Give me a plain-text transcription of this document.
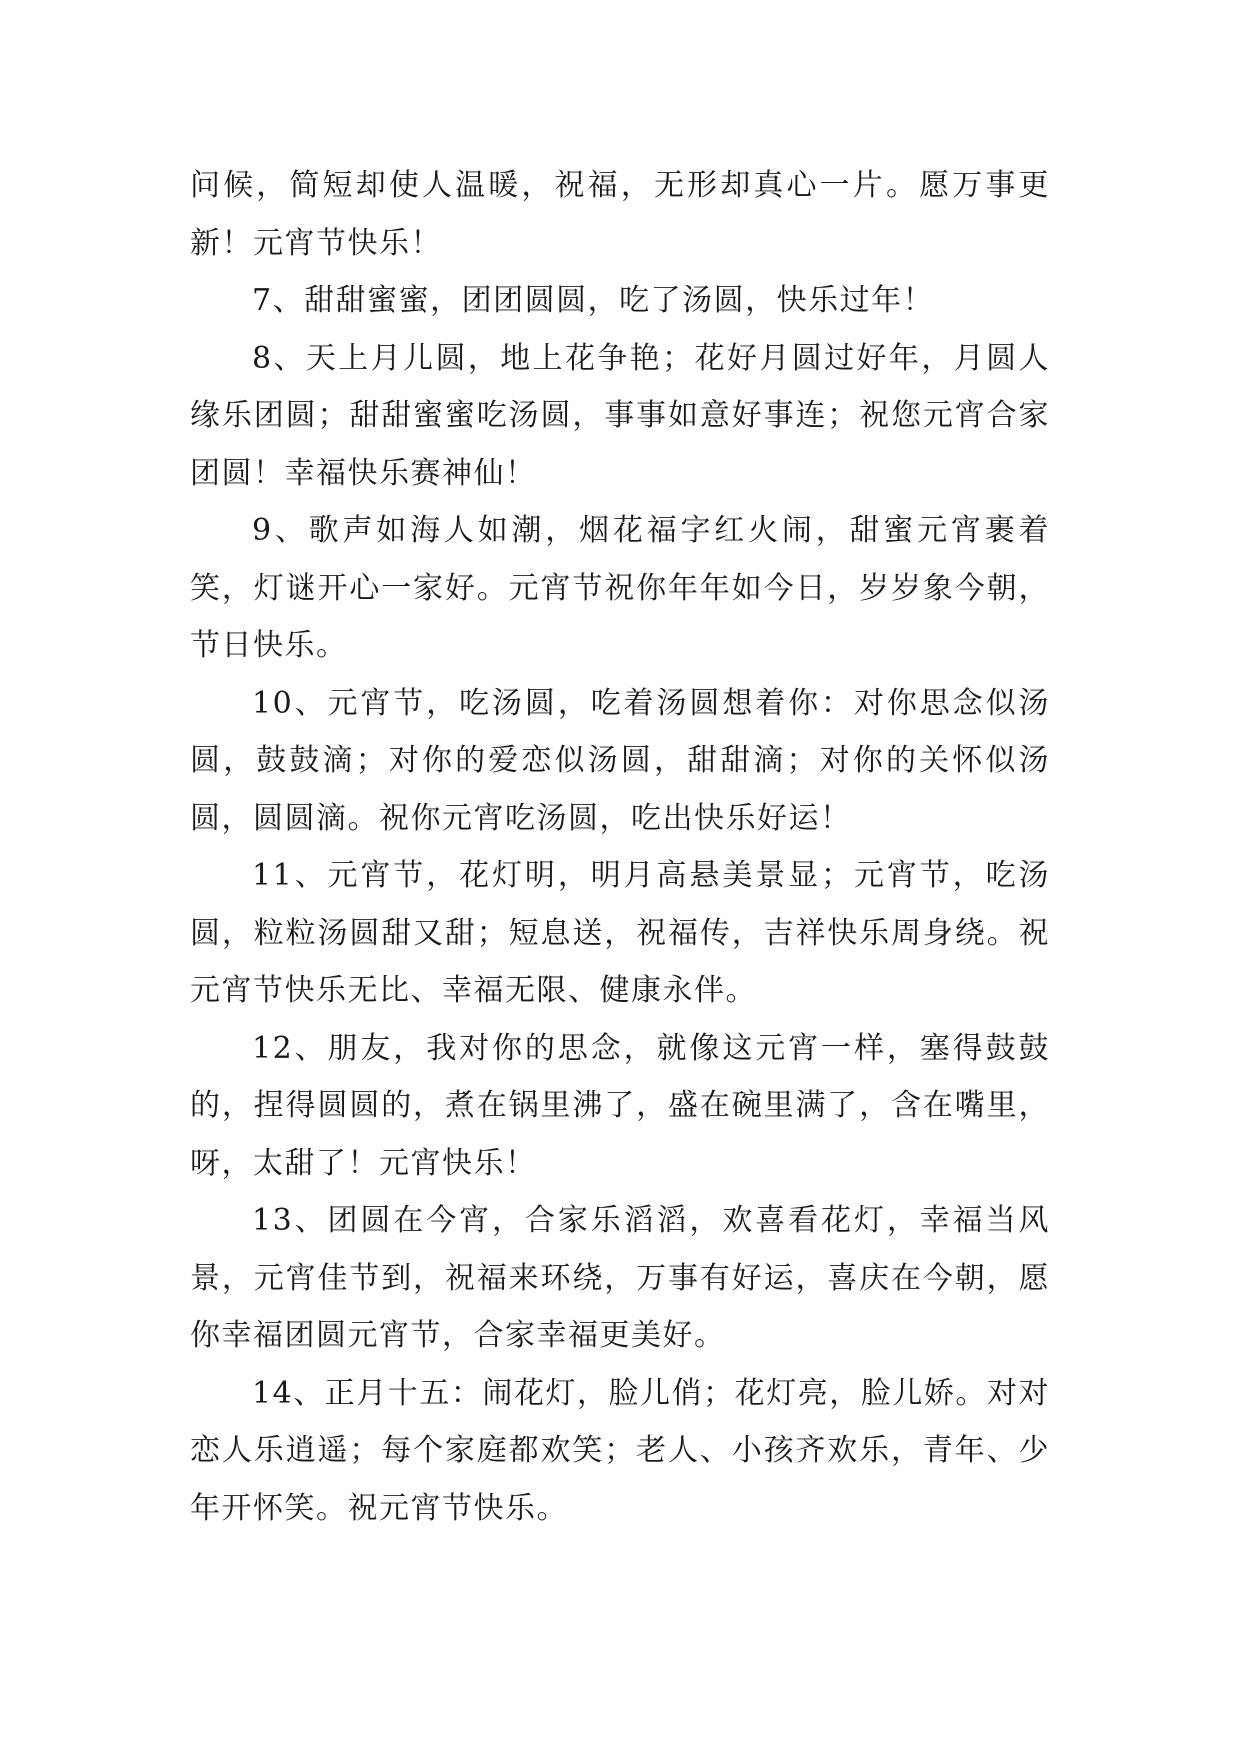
问候，简短却使人温暖，祝福，无形却真心一片。愿万事更新！元宵节快乐！

7、甜甜蜜蜜，团团圆圆，吃了汤圆，快乐过年！

8、天上月儿圆，地上花争艳；花好月圆过好年，月圆人缘乐团圆；甜甜蜜蜜吃汤圆，事事如意好事连；祝您元宵合家团圆！幸福快乐赛神仙！

9、歌声如海人如潮，烟花福字红火闹，甜蜜元宵裹着笑，灯谜开心一家好。元宵节祝你年年如今日，岁岁象今朝，节日快乐。

10、元宵节，吃汤圆，吃着汤圆想着你：对你思念似汤圆，鼓鼓滴；对你的爱恋似汤圆，甜甜滴；对你的关怀似汤圆，圆圆滴。祝你元宵吃汤圆，吃出快乐好运！

11、元宵节，花灯明，明月高悬美景显；元宵节，吃汤圆，粒粒汤圆甜又甜；短息送，祝福传，吉祥快乐周身绕。祝元宵节快乐无比、幸福无限、健康永伴。

12、朋友，我对你的思念，就像这元宵一样，塞得鼓鼓的，捏得圆圆的，煮在锅里沸了，盛在碗里满了，含在嘴里，呀，太甜了！元宵快乐！

13、团圆在今宵，合家乐滔滔，欢喜看花灯，幸福当风景，元宵佳节到，祝福来环绕，万事有好运，喜庆在今朝，愿你幸福团圆元宵节，合家幸福更美好。

14、正月十五：闹花灯，脸儿俏；花灯亮，脸儿娇。对对恋人乐逍遥；每个家庭都欢笑；老人、小孩齐欢乐，青年、少年开怀笑。祝元宵节快乐。
